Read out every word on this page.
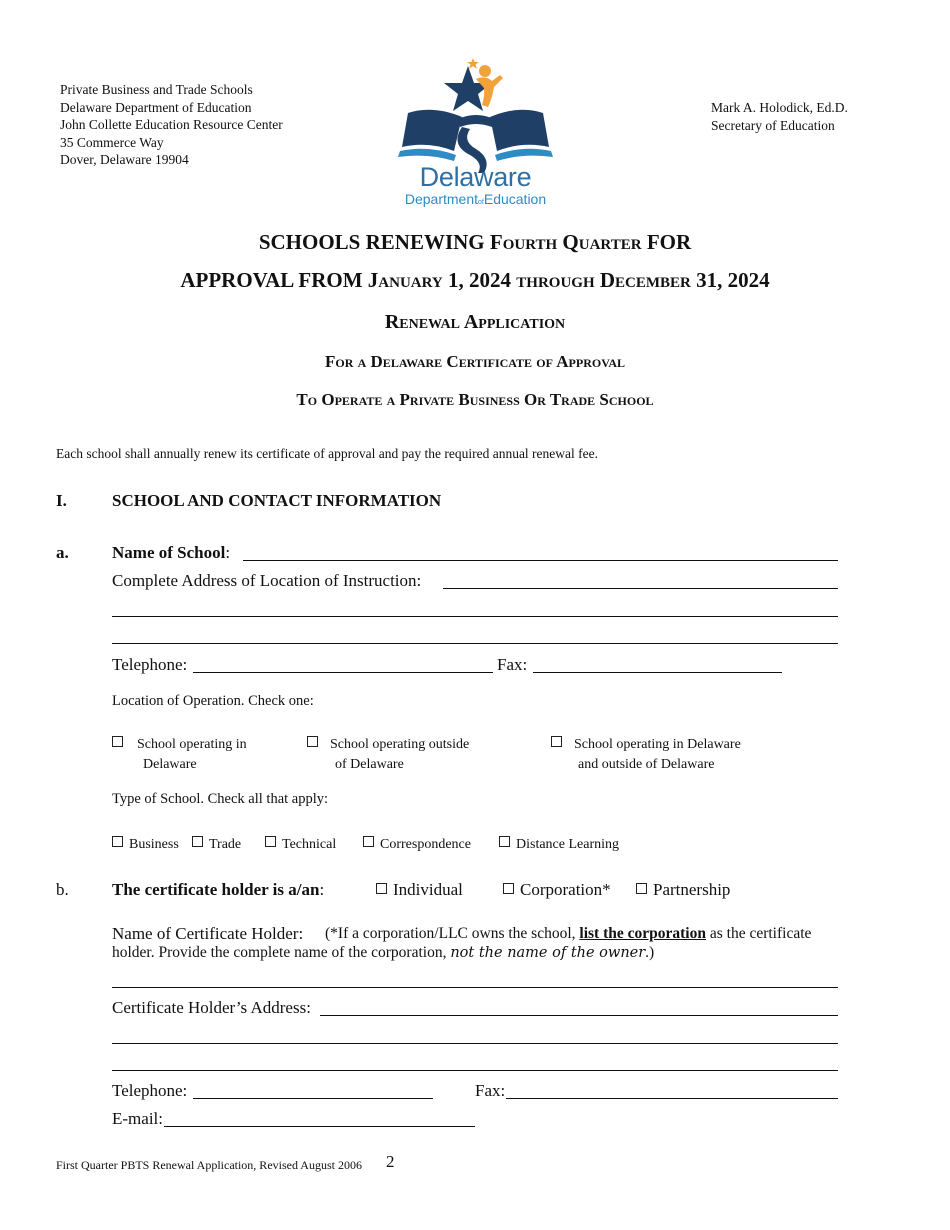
Private Business and Trade Schools
Delaware Department of Education
John Collette Education Resource Center
35 Commerce Way
Dover, Delaware 19904
Delaware
DepartmentofEducation
Mark A. Holodick, Ed.D.
Secretary of Education
SCHOOLS RENEWING Fourth Quarter FOR
APPROVAL FROM January 1, 2024 through December 31, 2024
Renewal Application
For a Delaware Certificate of Approval
To Operate a Private Business Or Trade School
Each school shall annually renew its certificate of approval and pay the required annual renewal fee.
I.	SCHOOL AND CONTACT INFORMATION
a.	Name of School:
Complete Address of Location of Instruction:
Telephone:	Fax:
Location of Operation. Check one:
School operating in
Delaware
School operating outside
of Delaware
School operating in Delaware
and outside of Delaware
Type of School. Check all that apply:
Business	Trade	Technical	Correspondence	Distance Learning
b.	The certificate holder is a/an:	Individual	Corporation*	Partnership
Name of Certificate Holder: (*If a corporation/LLC owns the school, list the corporation as the certificate
holder. Provide the complete name of the corporation, not the name of the owner.)
Certificate Holder’s Address:
Telephone:	Fax:
E-mail:
First Quarter PBTS Renewal Application, Revised August 2006 2
